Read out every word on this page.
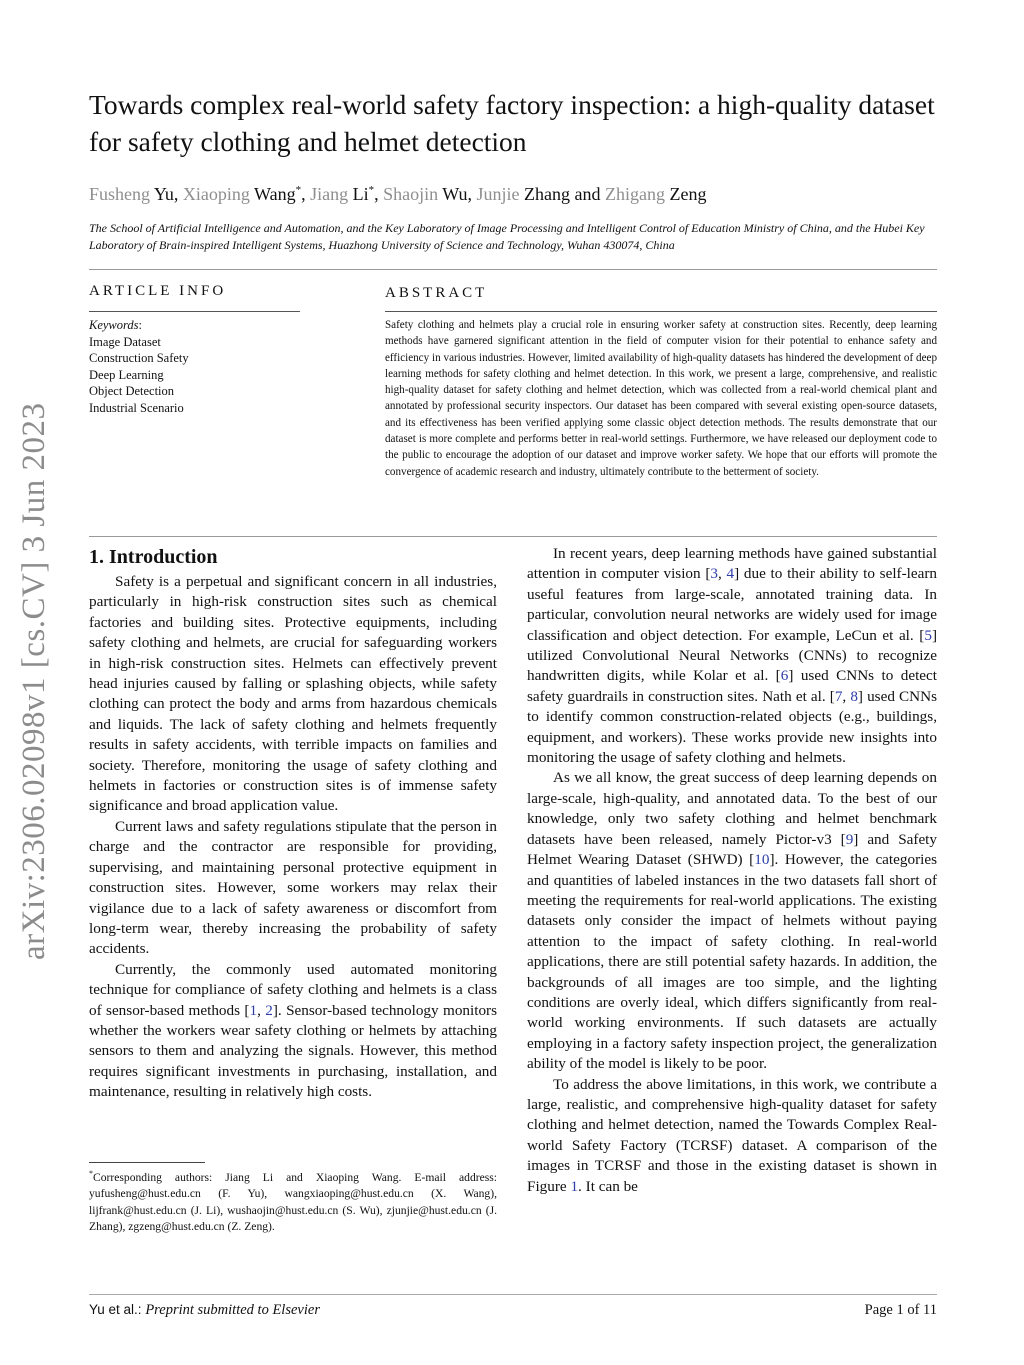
arXiv:2306.02098v1 [cs.CV] 3 Jun 2023
Towards complex real-world safety factory inspection: a high-quality dataset for safety clothing and helmet detection
Fusheng Yu, Xiaoping Wang*, Jiang Li*, Shaojin Wu, Junjie Zhang and Zhigang Zeng
The School of Artificial Intelligence and Automation, and the Key Laboratory of Image Processing and Intelligent Control of Education Ministry of China, and the Hubei Key Laboratory of Brain-inspired Intelligent Systems, Huazhong University of Science and Technology, Wuhan 430074, China
ARTICLE INFO
Keywords:
Image Dataset
Construction Safety
Deep Learning
Object Detection
Industrial Scenario
ABSTRACT
Safety clothing and helmets play a crucial role in ensuring worker safety at construction sites. Recently, deep learning methods have garnered significant attention in the field of computer vision for their potential to enhance safety and efficiency in various industries. However, limited availability of high-quality datasets has hindered the development of deep learning methods for safety clothing and helmet detection. In this work, we present a large, comprehensive, and realistic high-quality dataset for safety clothing and helmet detection, which was collected from a real-world chemical plant and annotated by professional security inspectors. Our dataset has been compared with several existing open-source datasets, and its effectiveness has been verified applying some classic object detection methods. The results demonstrate that our dataset is more complete and performs better in real-world settings. Furthermore, we have released our deployment code to the public to encourage the adoption of our dataset and improve worker safety. We hope that our efforts will promote the convergence of academic research and industry, ultimately contribute to the betterment of society.
1. Introduction

Safety is a perpetual and significant concern in all industries, particularly in high-risk construction sites such as chemical factories and building sites. Protective equipments, including safety clothing and helmets, are crucial for safeguarding workers in high-risk construction sites. Helmets can effectively prevent head injuries caused by falling or splashing objects, while safety clothing can protect the body and arms from hazardous chemicals and liquids. The lack of safety clothing and helmets frequently results in safety accidents, with terrible impacts on families and society. Therefore, monitoring the usage of safety clothing and helmets in factories or construction sites is of immense safety significance and broad application value.

Current laws and safety regulations stipulate that the person in charge and the contractor are responsible for providing, supervising, and maintaining personal protective equipment in construction sites. However, some workers may relax their vigilance due to a lack of safety awareness or discomfort from long-term wear, thereby increasing the probability of safety accidents.

Currently, the commonly used automated monitoring technique for compliance of safety clothing and helmets is a class of sensor-based methods [1, 2]. Sensor-based technology monitors whether the workers wear safety clothing or helmets by attaching sensors to them and analyzing the signals. However, this method requires significant investments in purchasing, installation, and maintenance, resulting in relatively high costs.

In recent years, deep learning methods have gained substantial attention in computer vision [3, 4] due to their ability to self-learn useful features from large-scale, annotated training data. In particular, convolution neural networks are widely used for image classification and object detection. For example, LeCun et al. [5] utilized Convolutional Neural Networks (CNNs) to recognize handwritten digits, while Kolar et al. [6] used CNNs to detect safety guardrails in construction sites. Nath et al. [7, 8] used CNNs to identify common construction-related objects (e.g., buildings, equipment, and workers). These works provide new insights into monitoring the usage of safety clothing and helmets.

As we all know, the great success of deep learning depends on large-scale, high-quality, and annotated data. To the best of our knowledge, only two safety clothing and helmet benchmark datasets have been released, namely Pictor-v3 [9] and Safety Helmet Wearing Dataset (SHWD) [10]. However, the categories and quantities of labeled instances in the two datasets fall short of meeting the requirements for real-world applications. The existing datasets only consider the impact of helmets without paying attention to the impact of safety clothing. In real-world applications, there are still potential safety hazards. In addition, the backgrounds of all images are too simple, and the lighting conditions are overly ideal, which differs significantly from real-world working environments. If such datasets are actually employing in a factory safety inspection project, the generalization ability of the model is likely to be poor.

To address the above limitations, in this work, we contribute a large, realistic, and comprehensive high-quality dataset for safety clothing and helmet detection, named the Towards Complex Real-world Safety Factory (TCRSF) dataset. A comparison of the images in TCRSF and those in the existing dataset is shown in Figure 1. It can be

*Corresponding authors: Jiang Li and Xiaoping Wang. E-mail address: yufusheng@hust.edu.cn (F. Yu), wangxiaoping@hust.edu.cn (X. Wang), lijfrank@hust.edu.cn (J. Li), wushaojin@hust.edu.cn (S. Wu), zjunjie@hust.edu.cn (J. Zhang), zgzeng@hust.edu.cn (Z. Zeng).
Yu et al.: Preprint submitted to Elsevier	Page 1 of 11
